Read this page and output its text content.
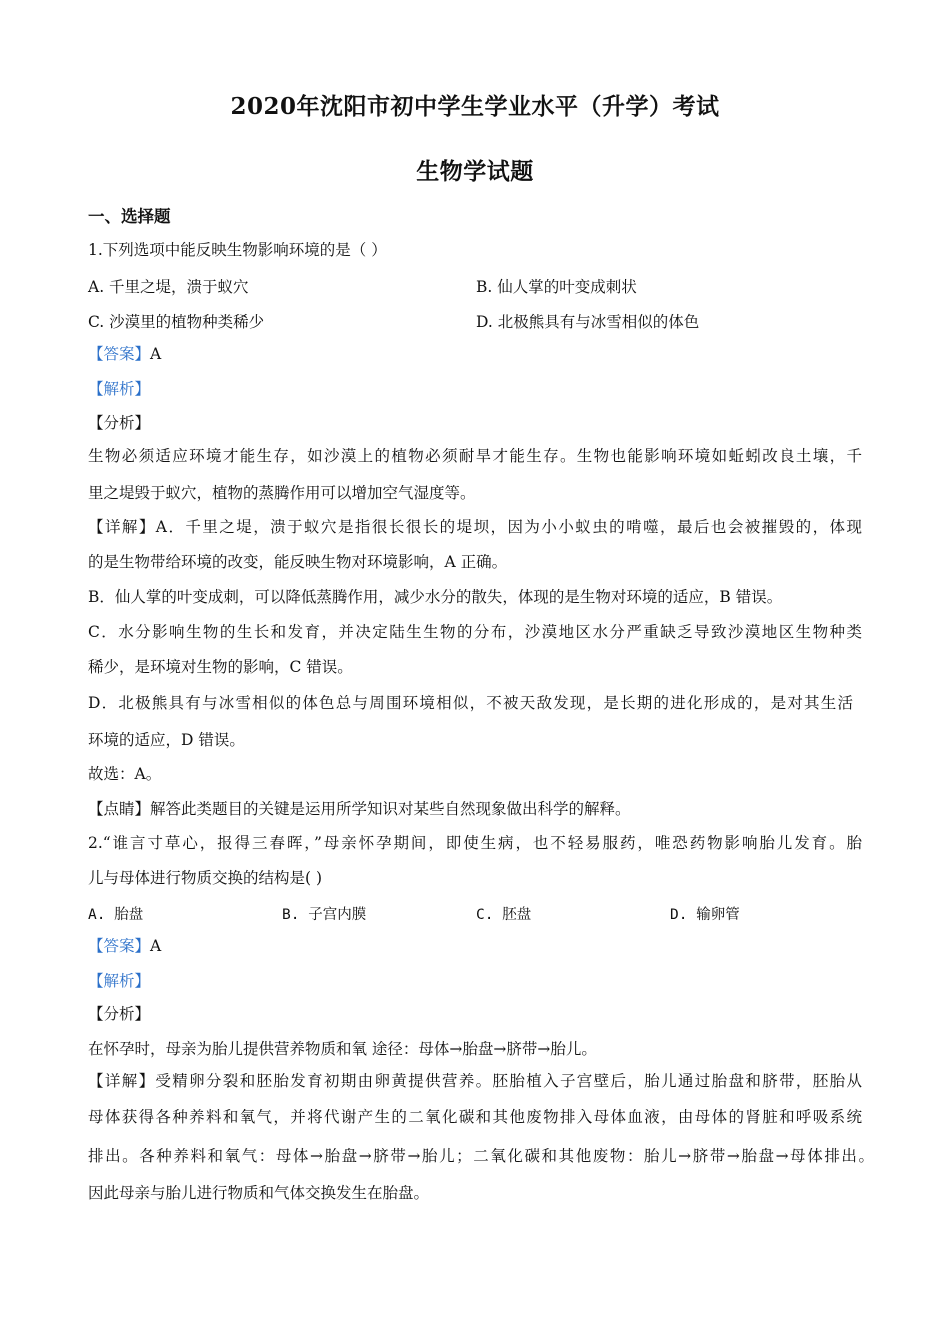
2020年沈阳市初中学生学业水平（升学）考试
生物学试题
一、选择题
1.下列选项中能反映生物影响环境的是（ ）
A. 千里之堤，溃于蚁穴	B. 仙人掌的叶变成刺状
C. 沙漠里的植物种类稀少	D. 北极熊具有与冰雪相似的体色
【答案】A
【解析】
【分析】
生物必须适应环境才能生存，如沙漠上的植物必须耐旱才能生存。生物也能影响环境如蚯蚓改良土壤，千
里之堤毁于蚁穴，植物的蒸腾作用可以增加空气湿度等。
【详解】A．千里之堤，溃于蚁穴是指很长很长的堤坝，因为小小蚁虫的啃噬，最后也会被摧毁的，体现
的是生物带给环境的改变，能反映生物对环境影响，A 正确。
B．仙人掌的叶变成刺，可以降低蒸腾作用，减少水分的散失，体现的是生物对环境的适应，B 错误。
C．水分影响生物的生长和发育，并决定陆生生物的分布，沙漠地区水分严重缺乏导致沙漠地区生物种类
稀少，是环境对生物的影响，C 错误。
D．北极熊具有与冰雪相似的体色总与周围环境相似，不被天敌发现，是长期的进化形成的，是对其生活
环境的适应，D 错误。
故选：A。
【点睛】解答此类题目的关键是运用所学知识对某些自然现象做出科学的解释。
2.“谁言寸草心，报得三春晖，”母亲怀孕期间，即使生病，也不轻易服药，唯恐药物影响胎儿发育。胎
儿与母体进行物质交换的结构是( )
A. 胎盘	B. 子宫内膜	C. 胚盘	D. 输卵管
【答案】A
【解析】
【分析】
在怀孕时，母亲为胎儿提供营养物质和氧 途径：母体→胎盘→脐带→胎儿。
【详解】受精卵分裂和胚胎发育初期由卵黄提供营养。胚胎植入子宫壁后，胎儿通过胎盘和脐带，胚胎从
母体获得各种养料和氧气，并将代谢产生的二氧化碳和其他废物排入母体血液，由母体的肾脏和呼吸系统
排出。各种养料和氧气：母体→胎盘→脐带→胎儿；二氧化碳和其他废物：胎儿→脐带→胎盘→母体排出。
因此母亲与胎儿进行物质和气体交换发生在胎盘。
